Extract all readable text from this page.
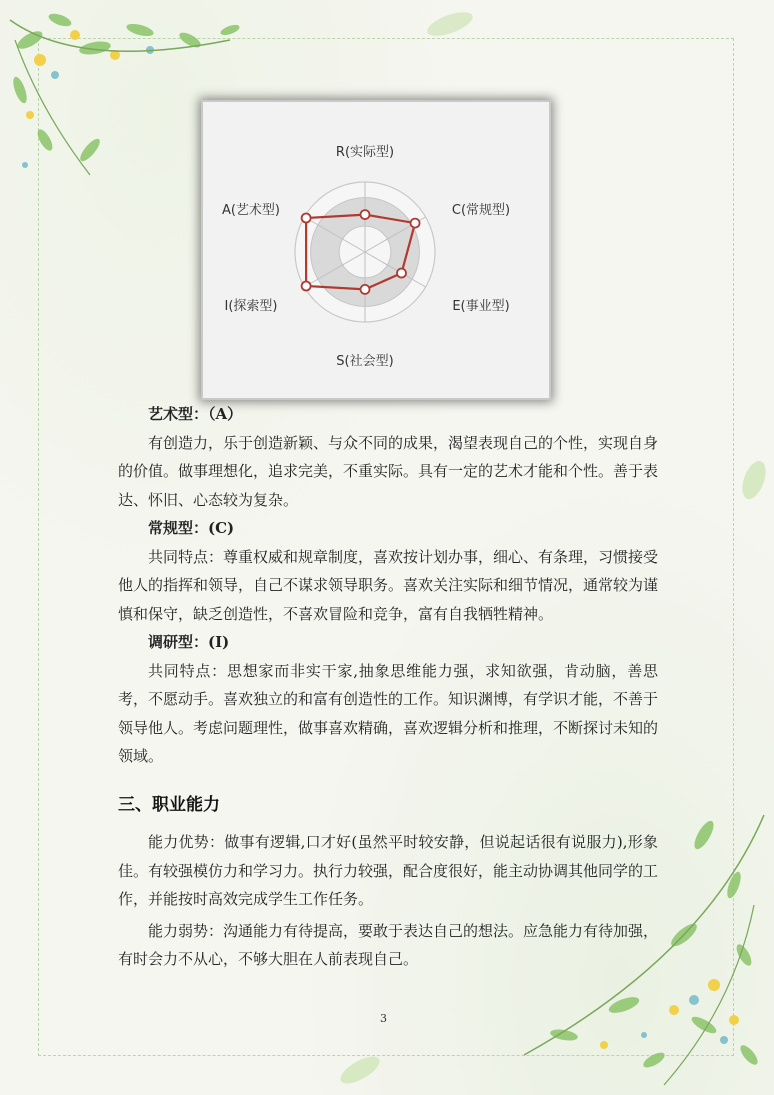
R(实际型)
C(常规型)
E(事业型)
S(社会型)
I(探索型)
A(艺术型)

艺术型：（A）

有创造力，乐于创造新颖、与众不同的成果，渴望表现自己的个性，实现自身的价值。做事理想化，追求完美，不重实际。具有一定的艺术才能和个性。善于表达、怀旧、心态较为复杂。

常规型：(C)

共同特点：尊重权威和规章制度，喜欢按计划办事，细心、有条理，习惯接受他人的指挥和领导，自己不谋求领导职务。喜欢关注实际和细节情况，通常较为谨慎和保守，缺乏创造性，不喜欢冒险和竞争，富有自我牺牲精神。

调研型：(I)

共同特点：思想家而非实干家,抽象思维能力强，求知欲强，肯动脑，善思考，不愿动手。喜欢独立的和富有创造性的工作。知识渊博，有学识才能，不善于领导他人。考虑问题理性，做事喜欢精确，喜欢逻辑分析和推理，不断探讨未知的领域。

三、职业能力

能力优势：做事有逻辑,口才好(虽然平时较安静，但说起话很有说服力),形象佳。有较强模仿力和学习力。执行力较强，配合度很好，能主动协调其他同学的工作，并能按时高效完成学生工作任务。

能力弱势：沟通能力有待提高，要敢于表达自己的想法。应急能力有待加强，有时会力不从心，不够大胆在人前表现自己。

3
